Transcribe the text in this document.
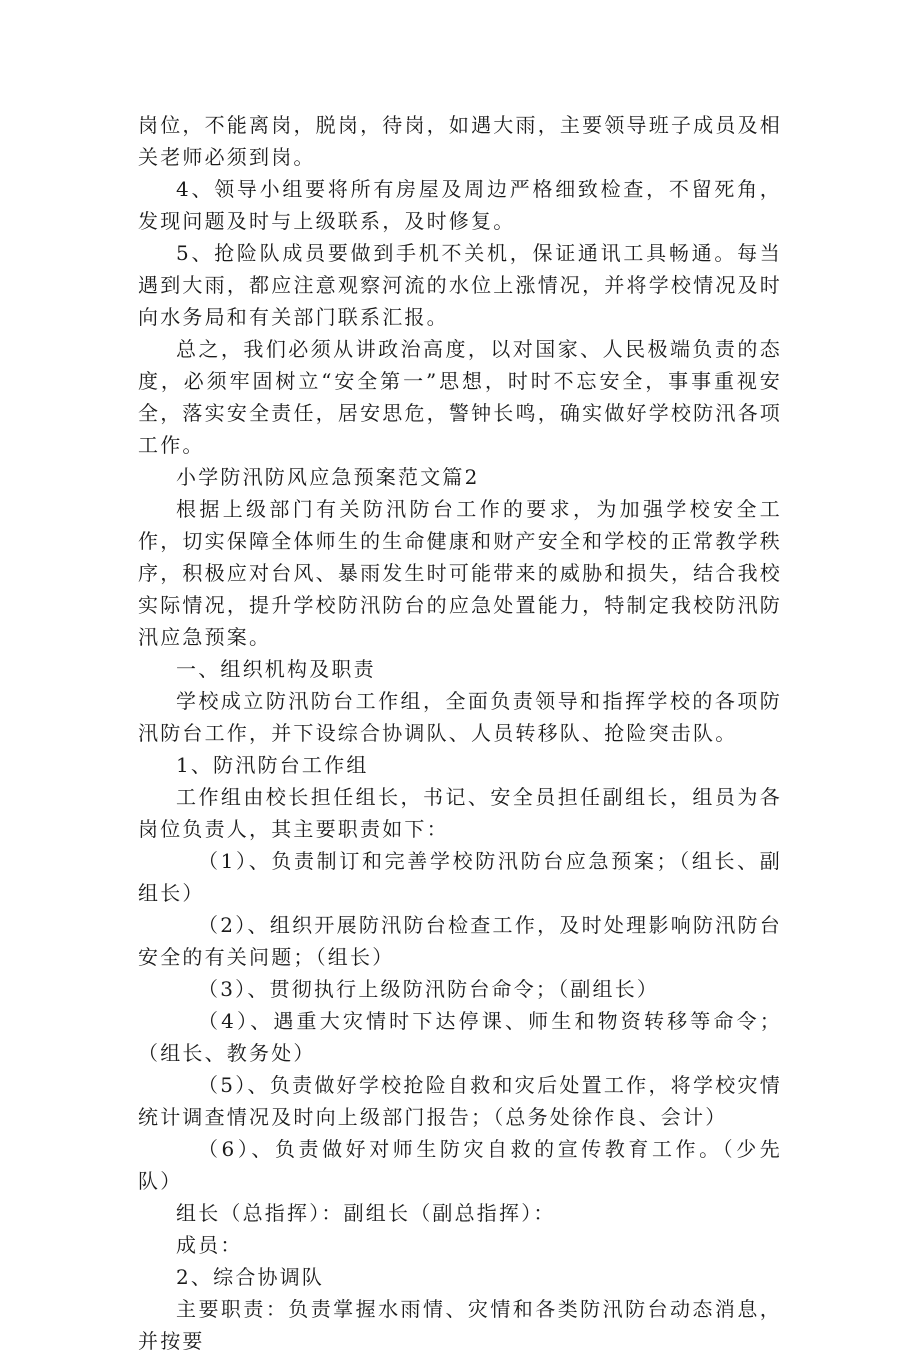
岗位，不能离岗，脱岗，待岗，如遇大雨，主要领导班子成员及相关老师必须到岗。

4、领导小组要将所有房屋及周边严格细致检查，不留死角，发现问题及时与上级联系，及时修复。

5、抢险队成员要做到手机不关机，保证通讯工具畅通。每当遇到大雨，都应注意观察河流的水位上涨情况，并将学校情况及时向水务局和有关部门联系汇报。

总之，我们必须从讲政治高度，以对国家、人民极端负责的态度，必须牢固树立“安全第一”思想，时时不忘安全，事事重视安全，落实安全责任，居安思危，警钟长鸣，确实做好学校防汛各项工作。

小学防汛防风应急预案范文篇2

根据上级部门有关防汛防台工作的要求，为加强学校安全工作，切实保障全体师生的生命健康和财产安全和学校的正常教学秩序，积极应对台风、暴雨发生时可能带来的威胁和损失，结合我校实际情况，提升学校防汛防台的应急处置能力，特制定我校防汛防汛应急预案。

一、组织机构及职责

学校成立防汛防台工作组，全面负责领导和指挥学校的各项防汛防台工作，并下设综合协调队、人员转移队、抢险突击队。

1、防汛防台工作组

工作组由校长担任组长，书记、安全员担任副组长，组员为各岗位负责人，其主要职责如下：

（1）、负责制订和完善学校防汛防台应急预案；（组长、副组长）

（2）、组织开展防汛防台检查工作，及时处理影响防汛防台安全的有关问题；（组长）

（3）、贯彻执行上级防汛防台命令；（副组长）

（4）、遇重大灾情时下达停课、师生和物资转移等命令；（组长、教务处）

（5）、负责做好学校抢险自救和灾后处置工作，将学校灾情统计调查情况及时向上级部门报告；（总务处徐作良、会计）

（6）、负责做好对师生防灾自救的宣传教育工作。（少先队）

组长（总指挥）：副组长（副总指挥）：

成员：

2、综合协调队

主要职责：负责掌握水雨情、灾情和各类防汛防台动态消息，并按要
